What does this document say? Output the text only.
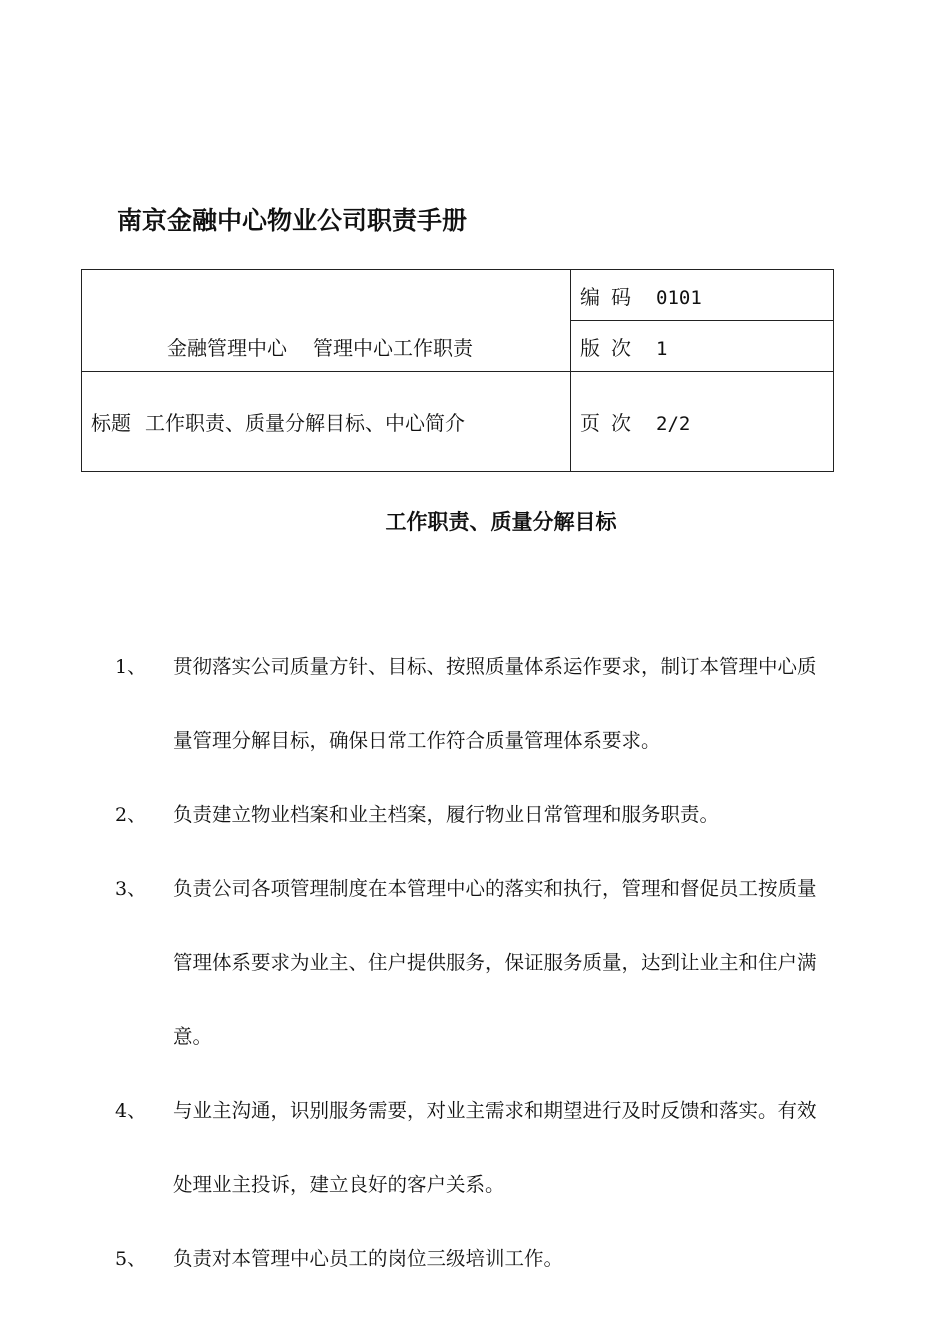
南京金融中心物业公司职责手册
金融管理中心 管理中心工作职责	编码 0101
	版次 1
标题 工作职责、质量分解目标、中心简介	页次 2/2
工作职责、质量分解目标
1、 贯彻落实公司质量方针、目标、按照质量体系运作要求，制订本管理中心质量管理分解目标，确保日常工作符合质量管理体系要求。
2、 负责建立物业档案和业主档案，履行物业日常管理和服务职责。
3、 负责公司各项管理制度在本管理中心的落实和执行，管理和督促员工按质量管理体系要求为业主、住户提供服务，保证服务质量，达到让业主和住户满意。
4、 与业主沟通，识别服务需要，对业主需求和期望进行及时反馈和落实。有效处理业主投诉，建立良好的客户关系。
5、 负责对本管理中心员工的岗位三级培训工作。
